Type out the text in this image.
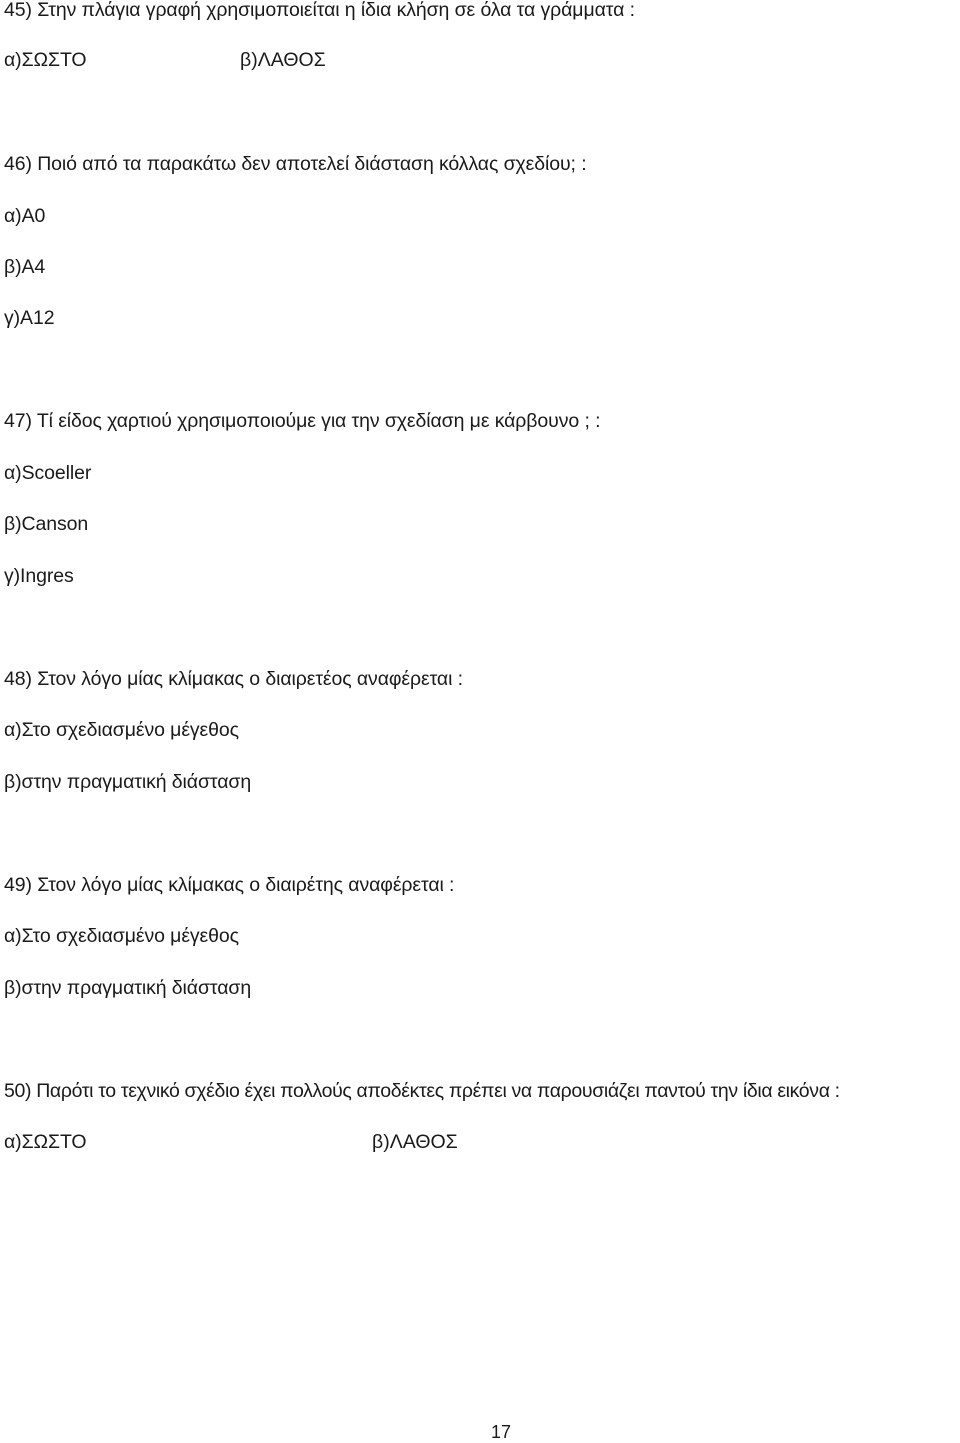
45) Στην πλάγια γραφή χρησιμοποιείται η ίδια κλήση σε όλα τα γράμματα :
α)ΣΩΣΤΟ	β)ΛΑΘΟΣ
46) Ποιό από τα παρακάτω δεν αποτελεί διάσταση κόλλας σχεδίου; :
α)Α0
β)Α4
γ)Α12
47) Τί είδος χαρτιού χρησιμοποιούμε για την σχεδίαση με κάρβουνο ; :
α)Scoeller
β)Canson
γ)Ingres
48) Στον λόγο μίας κλίμακας ο διαιρετέος αναφέρεται :
α)Στο σχεδιασμένο μέγεθος
β)στην πραγματική διάσταση
49) Στον λόγο μίας κλίμακας ο διαιρέτης αναφέρεται :
α)Στο σχεδιασμένο μέγεθος
β)στην πραγματική διάσταση
50) Παρότι το τεχνικό σχέδιο έχει πολλούς αποδέκτες πρέπει να παρουσιάζει παντού την ίδια εικόνα :
α)ΣΩΣΤΟ	β)ΛΑΘΟΣ
17
